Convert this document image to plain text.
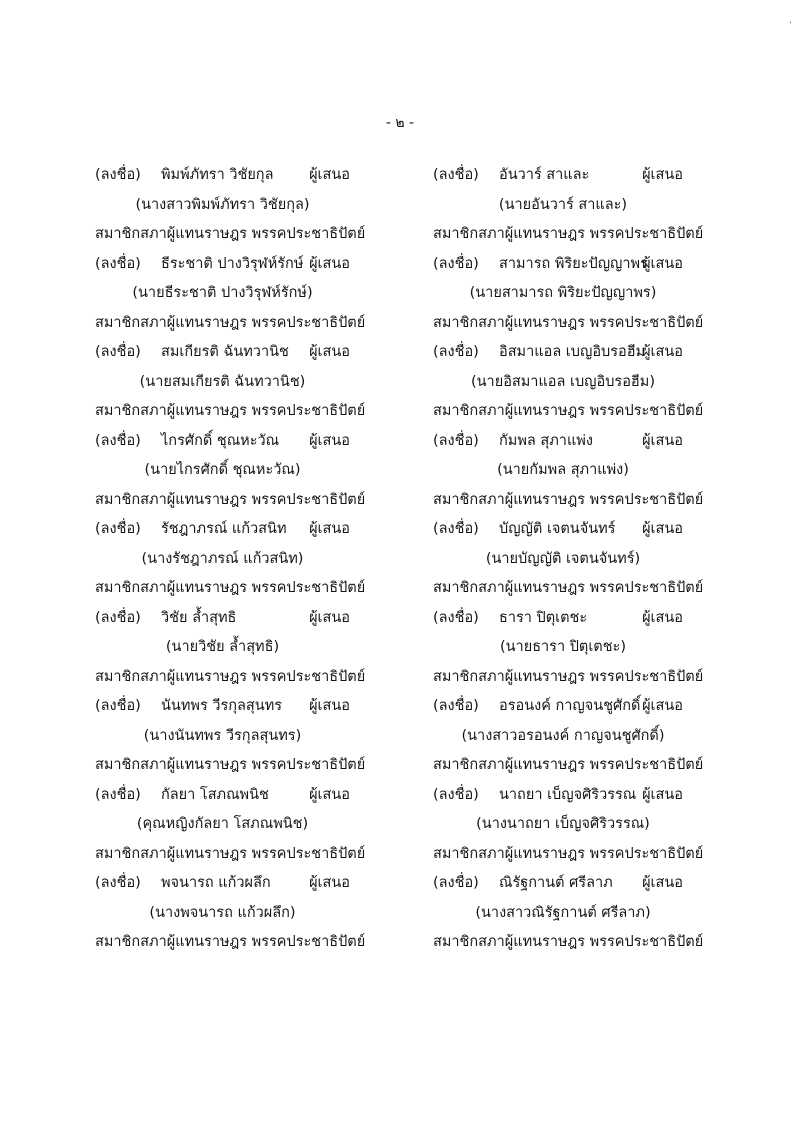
- ๒ -
·
(ลงชื่อ) พิมพ์ภัทรา วิชัยกุล ผู้เสนอ
(นางสาวพิมพ์ภัทรา วิชัยกุล)
สมาชิกสภาผู้แทนราษฎร พรรคประชาธิปัตย์
(ลงชื่อ) ธีระชาติ ปางวิรุฬห์รักษ์ ผู้เสนอ
(นายธีระชาติ ปางวิรุฬห์รักษ์)
สมาชิกสภาผู้แทนราษฎร พรรคประชาธิปัตย์
(ลงชื่อ) สมเกียรติ ฉันทวานิช ผู้เสนอ
(นายสมเกียรติ ฉันทวานิช)
สมาชิกสภาผู้แทนราษฎร พรรคประชาธิปัตย์
(ลงชื่อ) ไกรศักดิ์ ชุณหะวัณ ผู้เสนอ
(นายไกรศักดิ์ ชุณหะวัณ)
สมาชิกสภาผู้แทนราษฎร พรรคประชาธิปัตย์
(ลงชื่อ) รัชฎาภรณ์ แก้วสนิท ผู้เสนอ
(นางรัชฎาภรณ์ แก้วสนิท)
สมาชิกสภาผู้แทนราษฎร พรรคประชาธิปัตย์
(ลงชื่อ) วิชัย ล้ำสุทธิ	ผู้เสนอ
(นายวิชัย ล้ำสุทธิ)
สมาชิกสภาผู้แทนราษฎร พรรคประชาธิปัตย์
(ลงชื่อ) นันทพร วีรกุลสุนทร ผู้เสนอ
(นางนันทพร วีรกุลสุนทร)
สมาชิกสภาผู้แทนราษฎร พรรคประชาธิปัตย์
(ลงชื่อ) กัลยา โสภณพนิช	ผู้เสนอ
(คุณหญิงกัลยา โสภณพนิช)
สมาชิกสภาผู้แทนราษฎร พรรคประชาธิปัตย์
(ลงชื่อ) พจนารถ แก้วผลึก	ผู้เสนอ
(นางพจนารถ แก้วผลึก)
สมาชิกสภาผู้แทนราษฎร พรรคประชาธิปัตย์
(ลงชื่อ) อันวาร์ สาและ	ผู้เสนอ
(นายอันวาร์ สาและ)
สมาชิกสภาผู้แทนราษฎร พรรคประชาธิปัตย์
(ลงชื่อ) สามารถ พิริยะปัญญาพร
ผู้เสนอ
(นายสามารถ พิริยะปัญญาพร)
สมาชิกสภาผู้แทนราษฎร พรรคประชาธิปัตย์
(ลงชื่อ) อิสมาแอล เบญอิบรอฮีม
ผู้เสนอ
(นายอิสมาแอล เบญอิบรอฮีม)
สมาชิกสภาผู้แทนราษฎร พรรคประชาธิปัตย์
(ลงชื่อ) กัมพล สุภาแพ่ง	ผู้เสนอ
(นายกัมพล สุภาแพ่ง)
สมาชิกสภาผู้แทนราษฎร พรรคประชาธิปัตย์
(ลงชื่อ) บัญญัติ เจตนจันทร์ ผู้เสนอ
(นายบัญญัติ เจตนจันทร์)
สมาชิกสภาผู้แทนราษฎร พรรคประชาธิปัตย์
(ลงชื่อ) ธารา ปิตุเตชะ	ผู้เสนอ
(นายธารา ปิตุเตชะ)
สมาชิกสภาผู้แทนราษฎร พรรคประชาธิปัตย์
(ลงชื่อ) อรอนงค์ กาญจนชูศักดิ์ ผู้เสนอ
(นางสาวอรอนงค์ กาญจนชูศักดิ์)
สมาชิกสภาผู้แทนราษฎร พรรคประชาธิปัตย์
(ลงชื่อ) นาถยา เบ็ญจศิริวรรณ ผู้เสนอ
(นางนาถยา เบ็ญจศิริวรรณ)
สมาชิกสภาผู้แทนราษฎร พรรคประชาธิปัตย์
(ลงชื่อ) ณิรัฐกานต์ ศรีลาภ ผู้เสนอ
(นางสาวณิรัฐกานต์ ศรีลาภ)
สมาชิกสภาผู้แทนราษฎร พรรคประชาธิปัตย์
